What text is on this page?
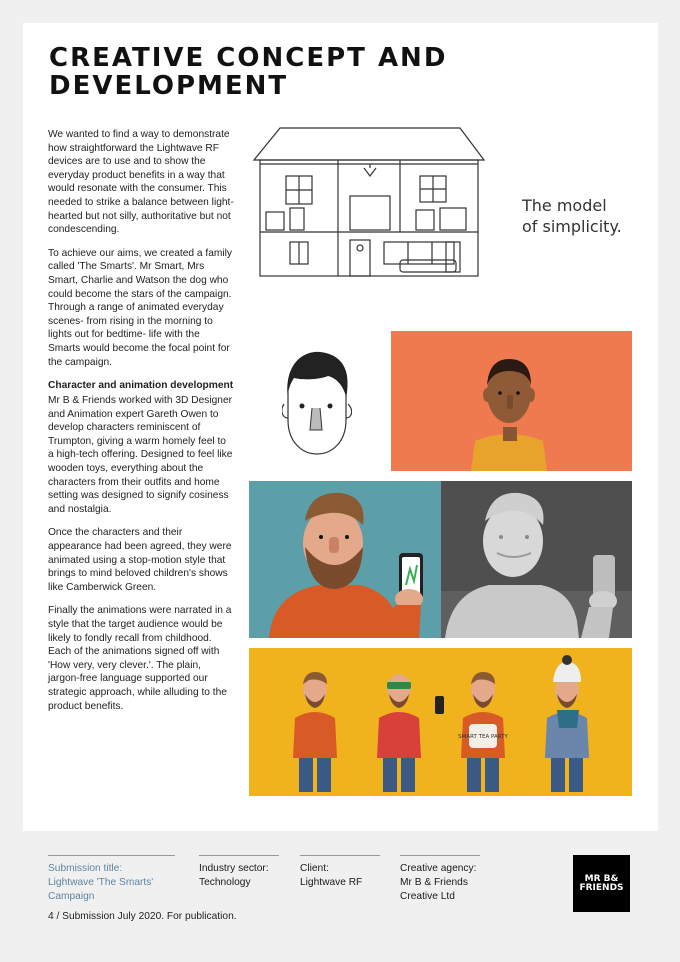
CREATIVE CONCEPT AND DEVELOPMENT

We wanted to find a way to demonstrate how straightforward the Lightwave RF devices are to use and to show the everyday product benefits in a way that would resonate with the consumer. This needed to strike a balance between light-hearted but not silly, authoritative but not condescending.

To achieve our aims, we created a family called 'The Smarts'. Mr Smart, Mrs Smart, Charlie and Watson the dog who could become the stars of the campaign. Through a range of animated everyday scenes- from rising in the morning to lights out for bedtime- life with the Smarts would become the focal point for the campaign.

Character and animation development

Mr B & Friends worked with 3D Designer and Animation expert Gareth Owen to develop characters reminiscent of Trumpton, giving a warm homely feel to a high-tech offering. Designed to feel like wooden toys, everything about the characters from their outfits and home setting was designed to signify cosiness and nostalgia.

Once the characters and their appearance had been agreed, they were animated using a stop-motion style that brings to mind beloved children's shows like Camberwick Green.

Finally the animations were narrated in a style that the target audience would be likely to fondly recall from childhood. Each of the animations signed off with 'How very, very clever.'. The plain, jargon-free language supported our strategic approach, while alluding to the product benefits.

The model
of simplicity.
SMART TEA PARTY
Submission title:
Lightwave 'The Smarts' Campaign
Industry sector:
Technology
Client:
Lightwave RF
Creative agency:
Mr B & Friends Creative Ltd
MR B&
FRIENDS
4 / Submission July 2020. For publication.
